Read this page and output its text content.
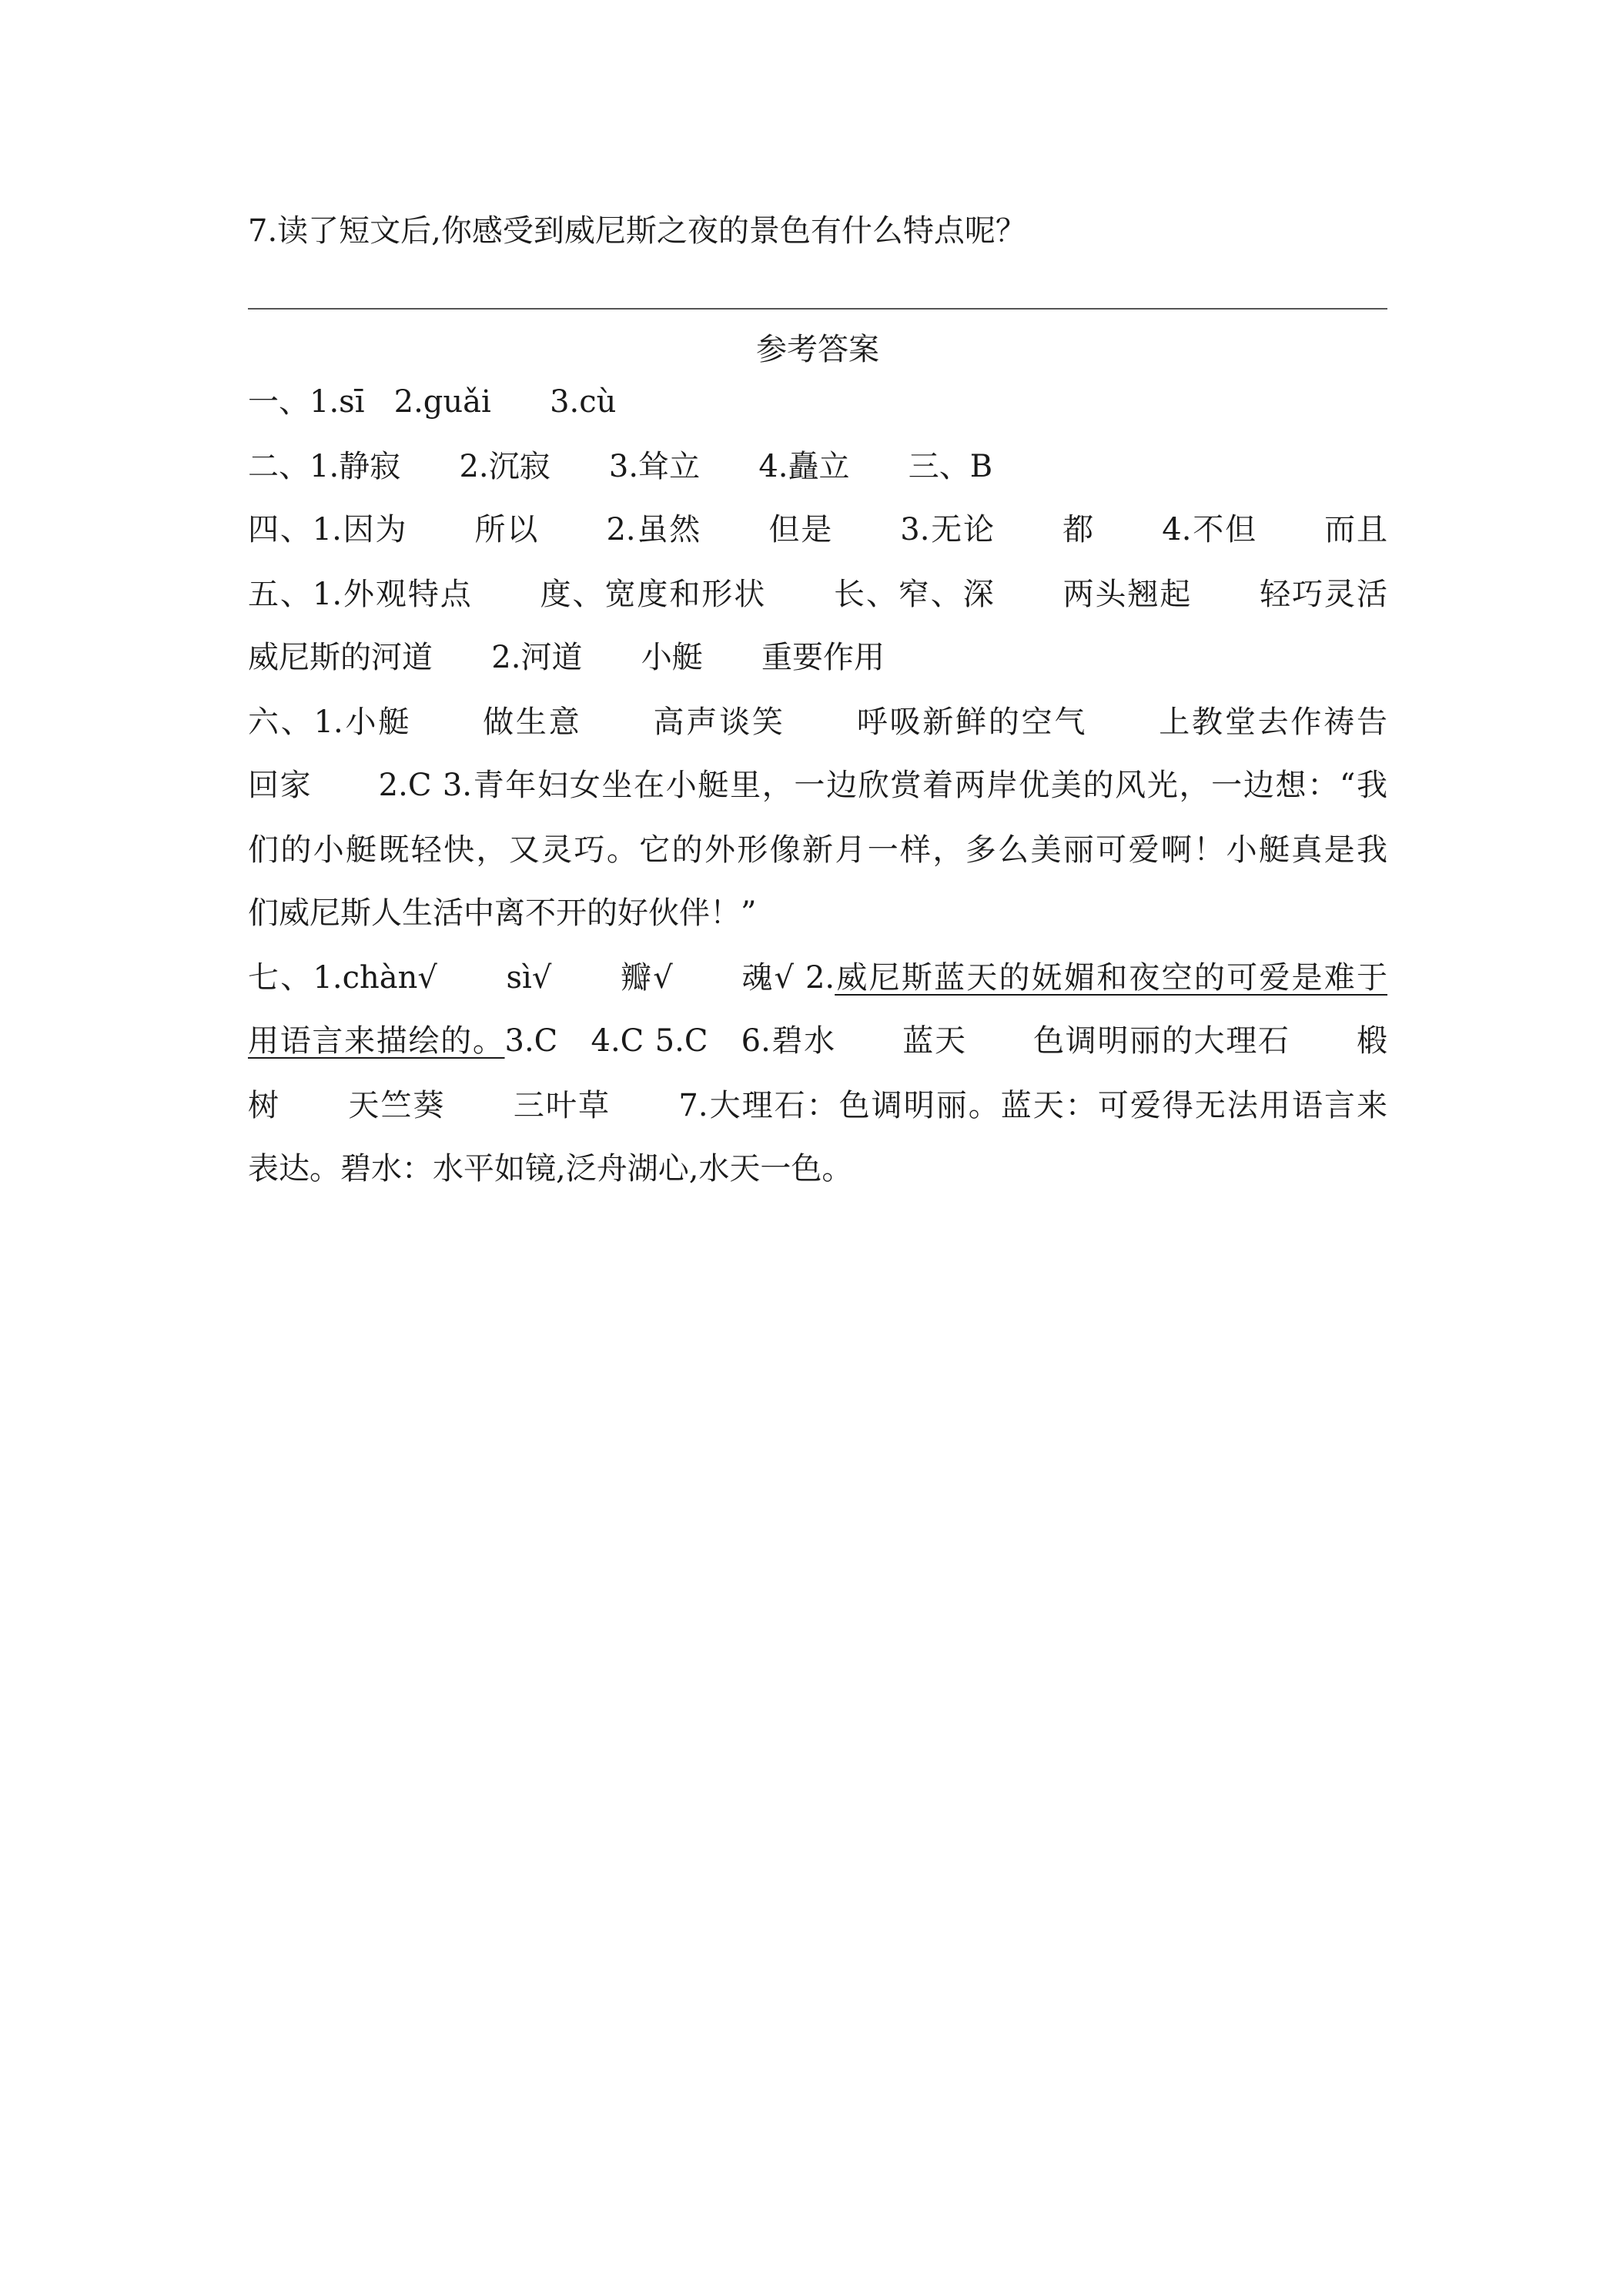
7.读了短文后,你感受到威尼斯之夜的景色有什么特点呢？
参考答案
一、1.sī   2.guǎi      3.cù
二、1.静寂      2.沉寂      3.耸立      4.矗立      三、B
四、1.因为      所以      2.虽然      但是      3.无论      都      4.不但      而且
五、1.外观特点      度、宽度和形状      长、窄、深      两头翘起      轻巧灵活
威尼斯的河道      2.河道      小艇      重要作用
六、1.小艇      做生意      高声谈笑      呼吸新鲜的空气      上教堂去作祷告
回家      2.C 3.青年妇女坐在小艇里，一边欣赏着两岸优美的风光，一边想：“我
们的小艇既轻快，又灵巧。它的外形像新月一样，多么美丽可爱啊！小艇真是我
们威尼斯人生活中离不开的好伙伴！”
七、1.chàn√      sì√      瓣√      魂√ 2.威尼斯蓝天的妩媚和夜空的可爱是难于
用语言来描绘的。3.C   4.C 5.C   6.碧水      蓝天      色调明丽的大理石      椴
树      天竺葵      三叶草      7.大理石：色调明丽。蓝天：可爱得无法用语言来
表达。碧水：水平如镜,泛舟湖心,水天一色。
